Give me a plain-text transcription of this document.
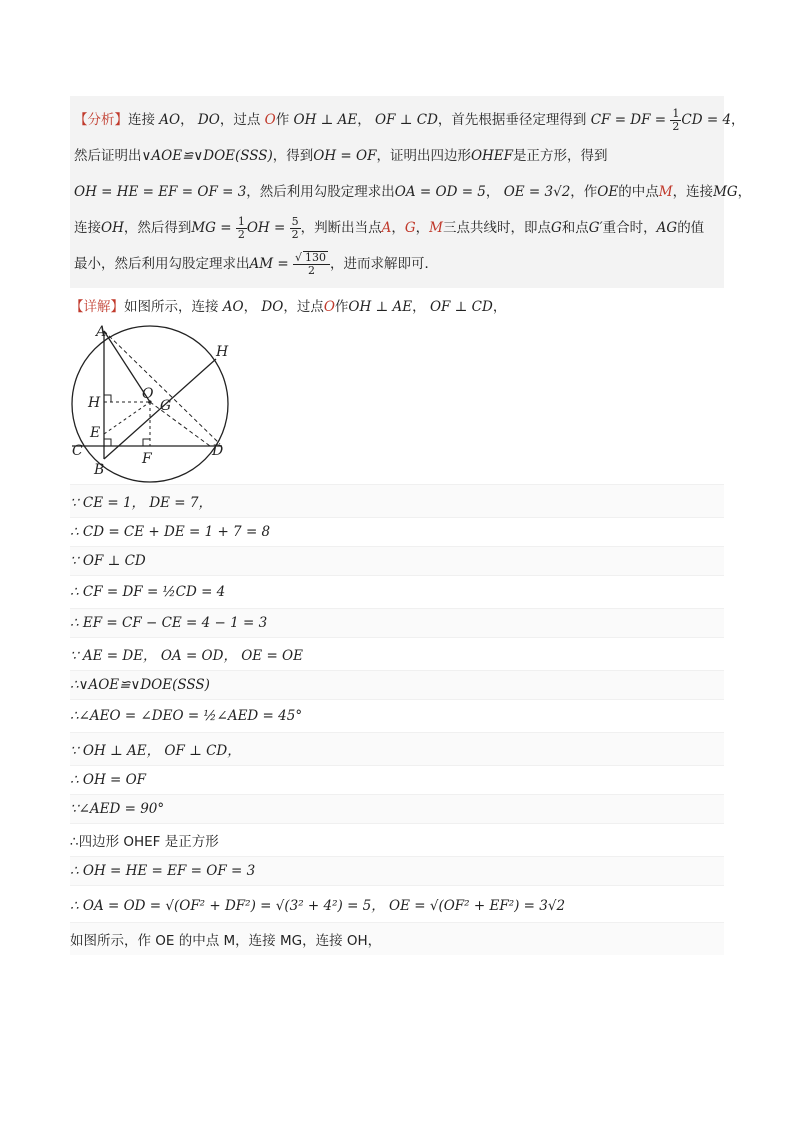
【分析】连接 AO， DO，过点 O作 OH ⊥ AE， OF ⊥ CD，首先根据垂径定理得到 CF = DF = $\frac{1}{2}$ CD = 4，
然后证明出∨AOE≌∨DOE(SSS)，得到OH = OF，证明出四边形OHEF是正方形，得到
OH = HE = EF = OF = 3，然后利用勾股定理求出OA = OD = 5， OE = 3√2，作OE的中点M，连接MG，
连接OH，然后得到MG = $\frac{1}{2}$ OH = $\frac{5}{2}$ ，判断出当点A，G，M三点共线时，即点G和点G′重合时，AG的值
最小，然后利用勾股定理求出AM = $\frac{√ 130}{2}$ ，进而求解即可．
【详解】如图所示，连接 AO， DO，过点O作OH ⊥ AE， OF ⊥ CD，
A
H
H
O
G
E
C
B
F	D
∵ CE = 1， DE = 7，
∴ CD = CE + DE = 1 + 7 = 8
∵ OF ⊥ CD
∴ CF = DF = ½CD = 4
∴ EF = CF − CE = 4 − 1 = 3
∵ AE = DE， OA = OD， OE = OE
∴∨AOE≌∨DOE(SSS)
∴∠AEO = ∠DEO = ½∠AED = 45°
∵ OH ⊥ AE， OF ⊥ CD，
∴ OH = OF
∵∠AED = 90°
∴四边形 OHEF 是正方形
∴ OH = HE = EF = OF = 3
∴ OA = OD = √(OF² + DF²) = √(3² + 4²) = 5， OE = √(OF² + EF²) = 3√2
如图所示，作 OE 的中点 M，连接 MG，连接 OH，
